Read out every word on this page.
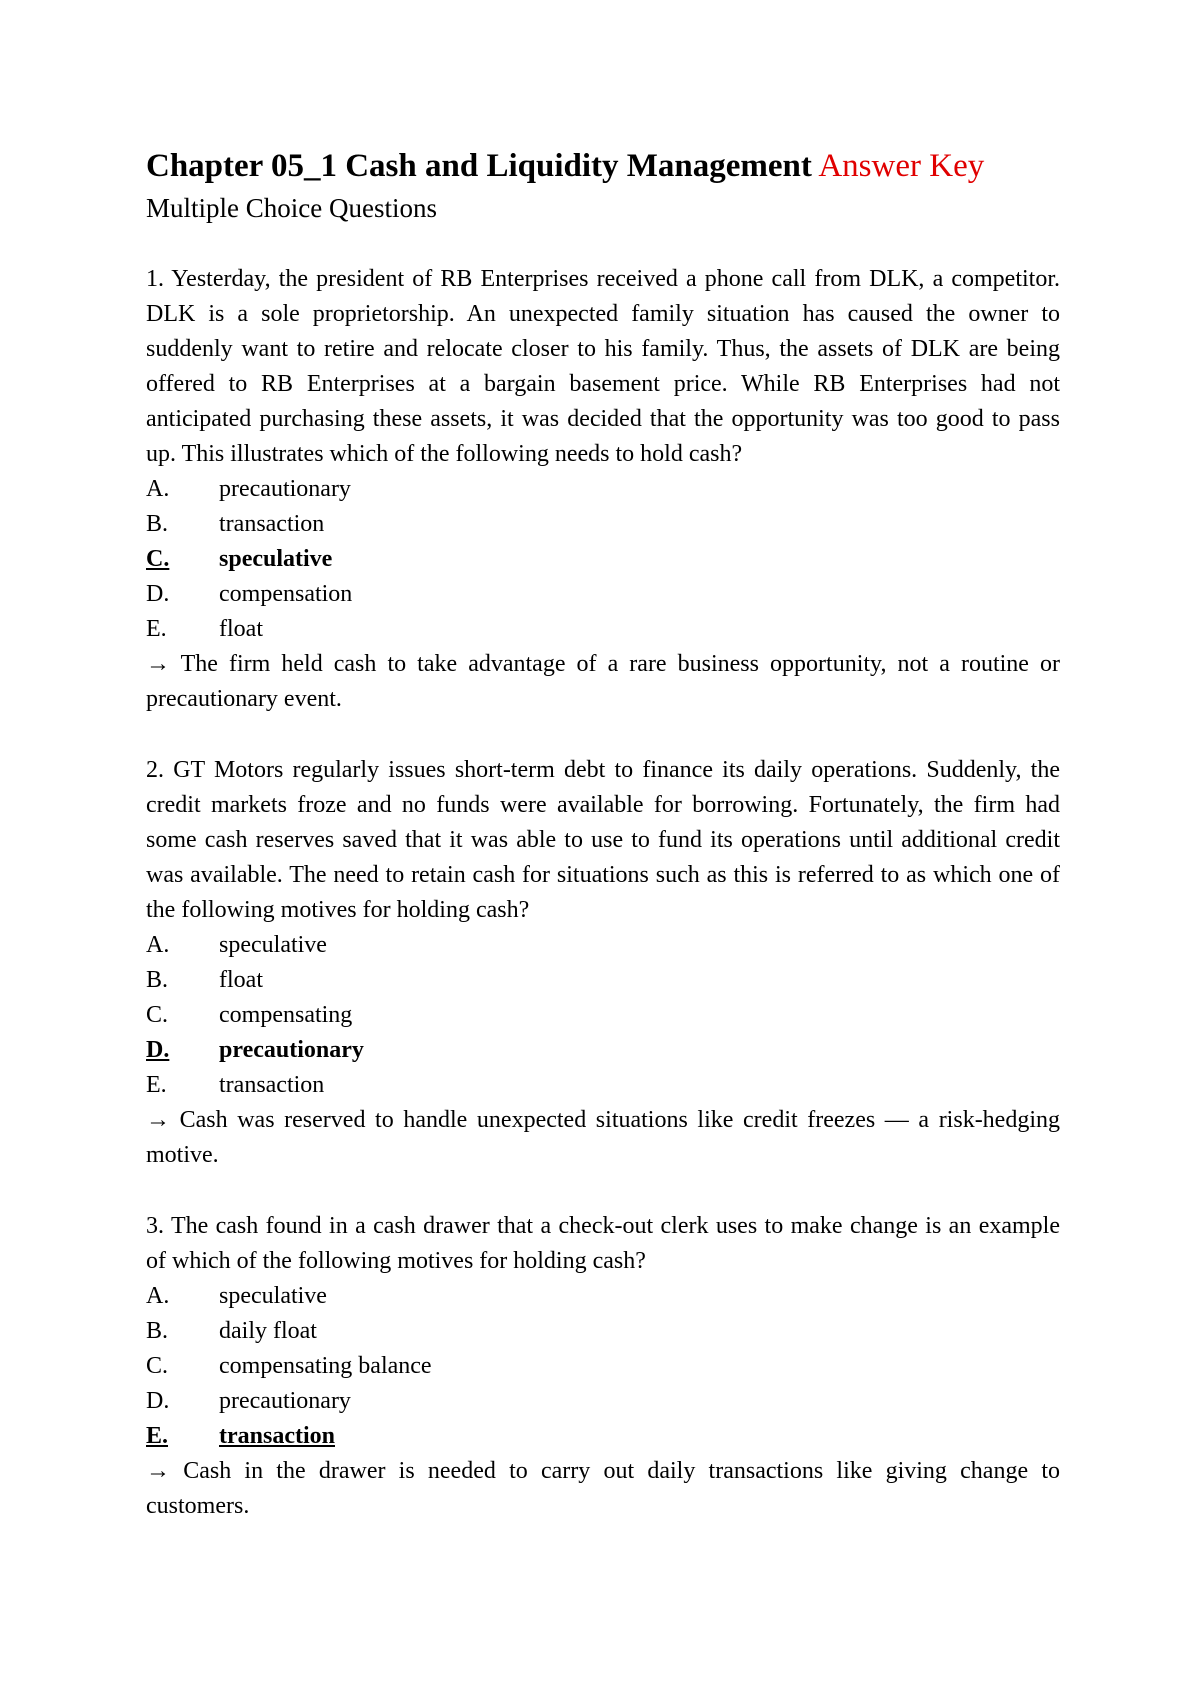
Chapter 05_1 Cash and Liquidity Management Answer Key
Multiple Choice Questions

1. Yesterday, the president of RB Enterprises received a phone call from DLK, a competitor. DLK is a sole proprietorship. An unexpected family situation has caused the owner to suddenly want to retire and relocate closer to his family. Thus, the assets of DLK are being offered to RB Enterprises at a bargain basement price. While RB Enterprises had not anticipated purchasing these assets, it was decided that the opportunity was too good to pass up. This illustrates which of the following needs to hold cash?

A.	precautionary
B.	transaction
C.	speculative
D.	compensation
E.	float

→ The firm held cash to take advantage of a rare business opportunity, not a routine or precautionary event.

2. GT Motors regularly issues short-term debt to finance its daily operations. Suddenly, the credit markets froze and no funds were available for borrowing. Fortunately, the firm had some cash reserves saved that it was able to use to fund its operations until additional credit was available. The need to retain cash for situations such as this is referred to as which one of the following motives for holding cash?

A.	speculative
B.	float
C.	compensating
D.	precautionary
E.	transaction

→ Cash was reserved to handle unexpected situations like credit freezes — a risk-hedging motive.

3. The cash found in a cash drawer that a check-out clerk uses to make change is an example of which of the following motives for holding cash?

A.	speculative
B.	daily float
C.	compensating balance
D.	precautionary
E.	transaction

→ Cash in the drawer is needed to carry out daily transactions like giving change to customers.
